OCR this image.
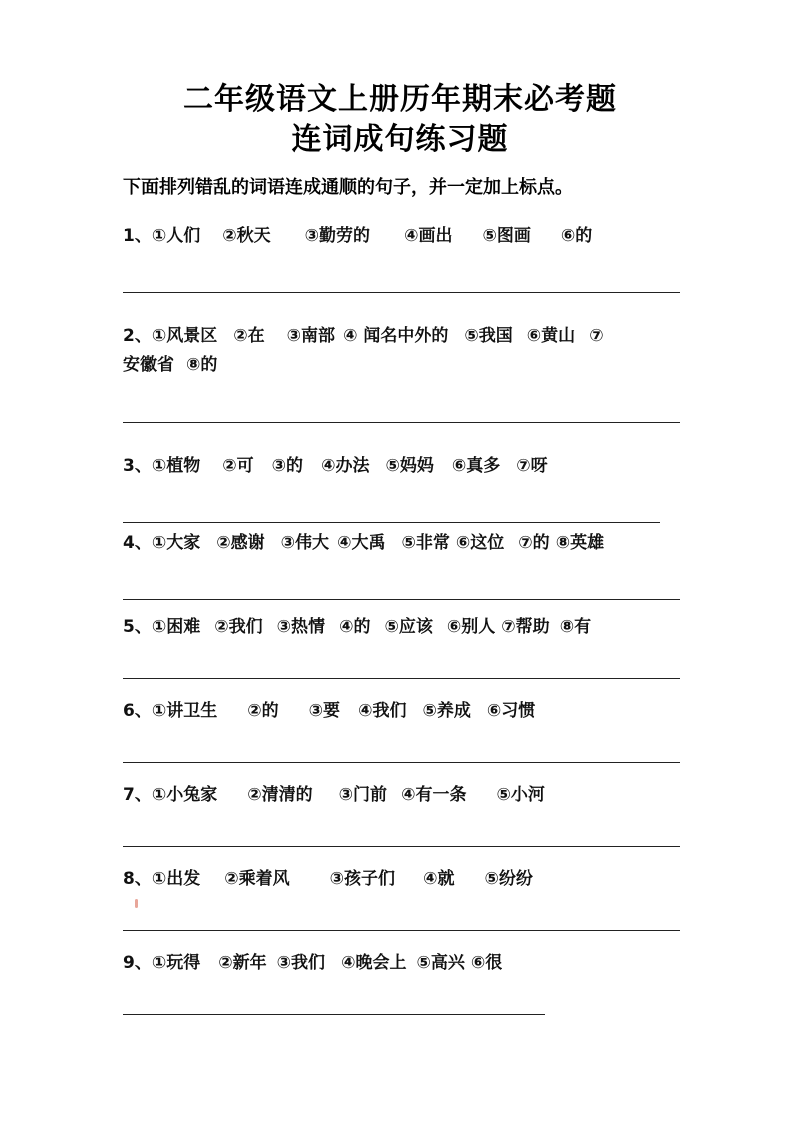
二年级语文上册历年期末必考题
连词成句练习题

下面排列错乱的词语连成通顺的句子，并一定加上标点。

1、①人们 ②秋天 ③勤劳的 ④画出 ⑤图画 ⑥的

2、①风景区 ②在 ③南部 ④ 闻名中外的 ⑤我国 ⑥黄山 ⑦
安徽省 ⑧的

3、①植物 ②可 ③的 ④办法 ⑤妈妈 ⑥真多 ⑦呀

4、①大家 ②感谢 ③伟大 ④大禹 ⑤非常 ⑥这位 ⑦的 ⑧英雄

5、①困难 ②我们 ③热情 ④的 ⑤应该 ⑥别人 ⑦帮助 ⑧有

6、①讲卫生 ②的 ③要 ④我们 ⑤养成 ⑥习惯

7、①小兔家 ②清清的 ③门前 ④有一条 ⑤小河

8、①出发 ②乘着风 ③孩子们 ④就 ⑤纷纷

9、①玩得 ②新年 ③我们 ④晚会上 ⑤高兴 ⑥很
